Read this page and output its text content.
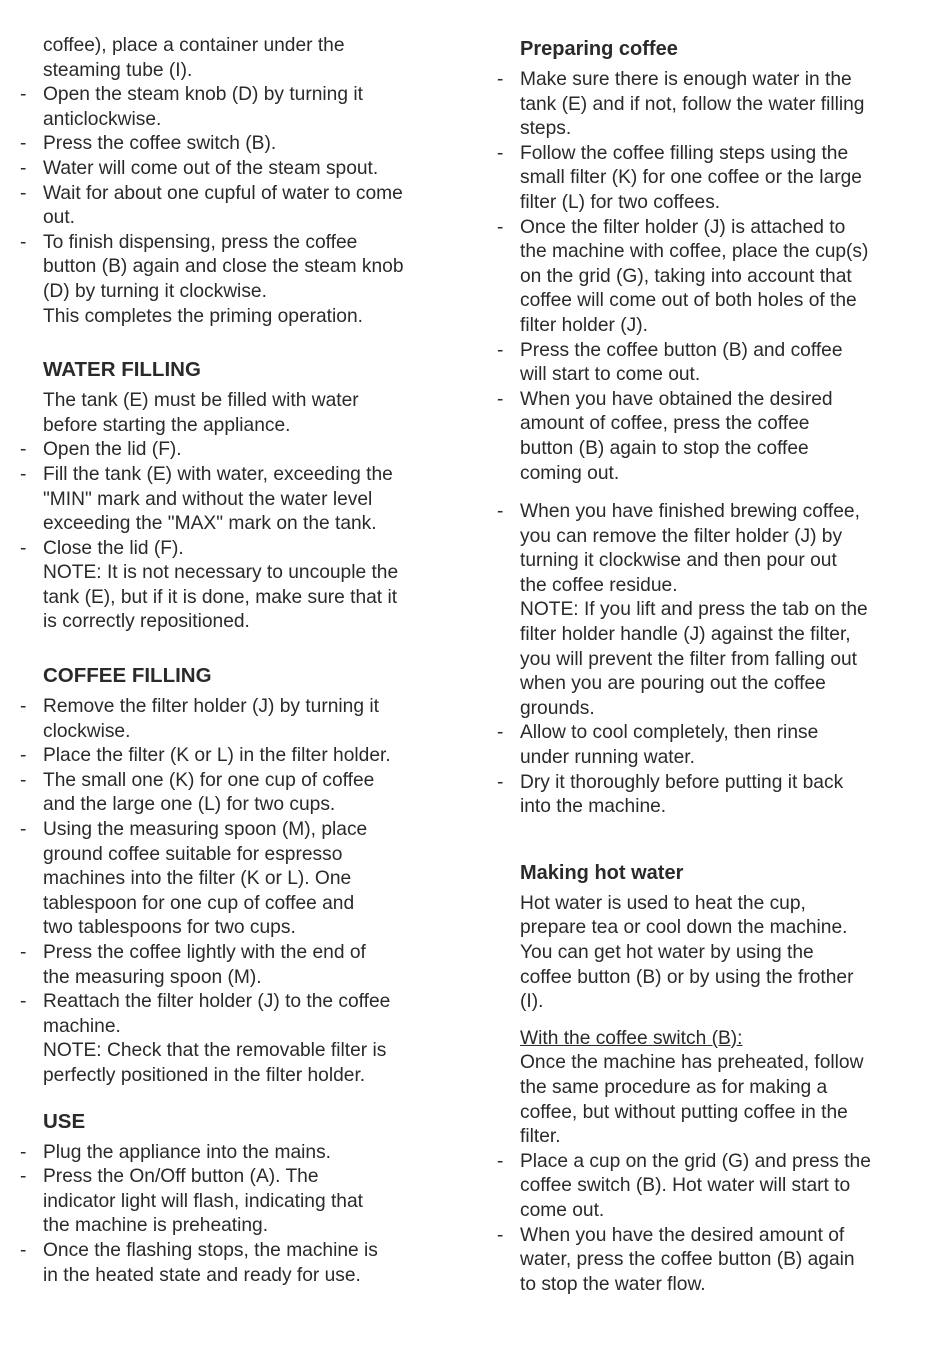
coffee), place a container under the
steaming tube (I).
- Open the steam knob (D) by turning it
anticlockwise.
- Press the coffee switch (B).
- Water will come out of the steam spout.
- Wait for about one cupful of water to come
out.
- To finish dispensing, press the coffee
button (B) again and close the steam knob
(D) by turning it clockwise.
This completes the priming operation.
WATER FILLING
The tank (E) must be filled with water
before starting the appliance.
- Open the lid (F).
- Fill the tank (E) with water, exceeding the
"MIN" mark and without the water level
exceeding the "MAX" mark on the tank.
- Close the lid (F).
NOTE: It is not necessary to uncouple the
tank (E), but if it is done, make sure that it
is correctly repositioned.
COFFEE FILLING
- Remove the filter holder (J) by turning it
clockwise.
- Place the filter (K or L) in the filter holder.
- The small one (K) for one cup of coffee
and the large one (L) for two cups.
- Using the measuring spoon (M), place
ground coffee suitable for espresso
machines into the filter (K or L). One
tablespoon for one cup of coffee and
two tablespoons for two cups.
- Press the coffee lightly with the end of
the measuring spoon (M).
- Reattach the filter holder (J) to the coffee
machine.
NOTE: Check that the removable filter is
perfectly positioned in the filter holder.
USE
- Plug the appliance into the mains.
- Press the On/Off button (A). The
indicator light will flash, indicating that
the machine is preheating.
- Once the flashing stops, the machine is
in the heated state and ready for use.
Preparing coffee
- Make sure there is enough water in the
tank (E) and if not, follow the water filling
steps.
- Follow the coffee filling steps using the
small filter (K) for one coffee or the large
filter (L) for two coffees.
- Once the filter holder (J) is attached to
the machine with coffee, place the cup(s)
on the grid (G), taking into account that
coffee will come out of both holes of the
filter holder (J).
- Press the coffee button (B) and coffee
will start to come out.
- When you have obtained the desired
amount of coffee, press the coffee
button (B) again to stop the coffee
coming out.
- When you have finished brewing coffee,
you can remove the filter holder (J) by
turning it clockwise and then pour out
the coffee residue.
NOTE: If you lift and press the tab on the
filter holder handle (J) against the filter,
you will prevent the filter from falling out
when you are pouring out the coffee
grounds.
- Allow to cool completely, then rinse
under running water.
- Dry it thoroughly before putting it back
into the machine.
Making hot water
Hot water is used to heat the cup,
prepare tea or cool down the machine.
You can get hot water by using the
coffee button (B) or by using the frother
(I).
With the coffee switch (B):
Once the machine has preheated, follow
the same procedure as for making a
coffee, but without putting coffee in the
filter.
- Place a cup on the grid (G) and press the
coffee switch (B). Hot water will start to
come out.
- When you have the desired amount of
water, press the coffee button (B) again
to stop the water flow.
